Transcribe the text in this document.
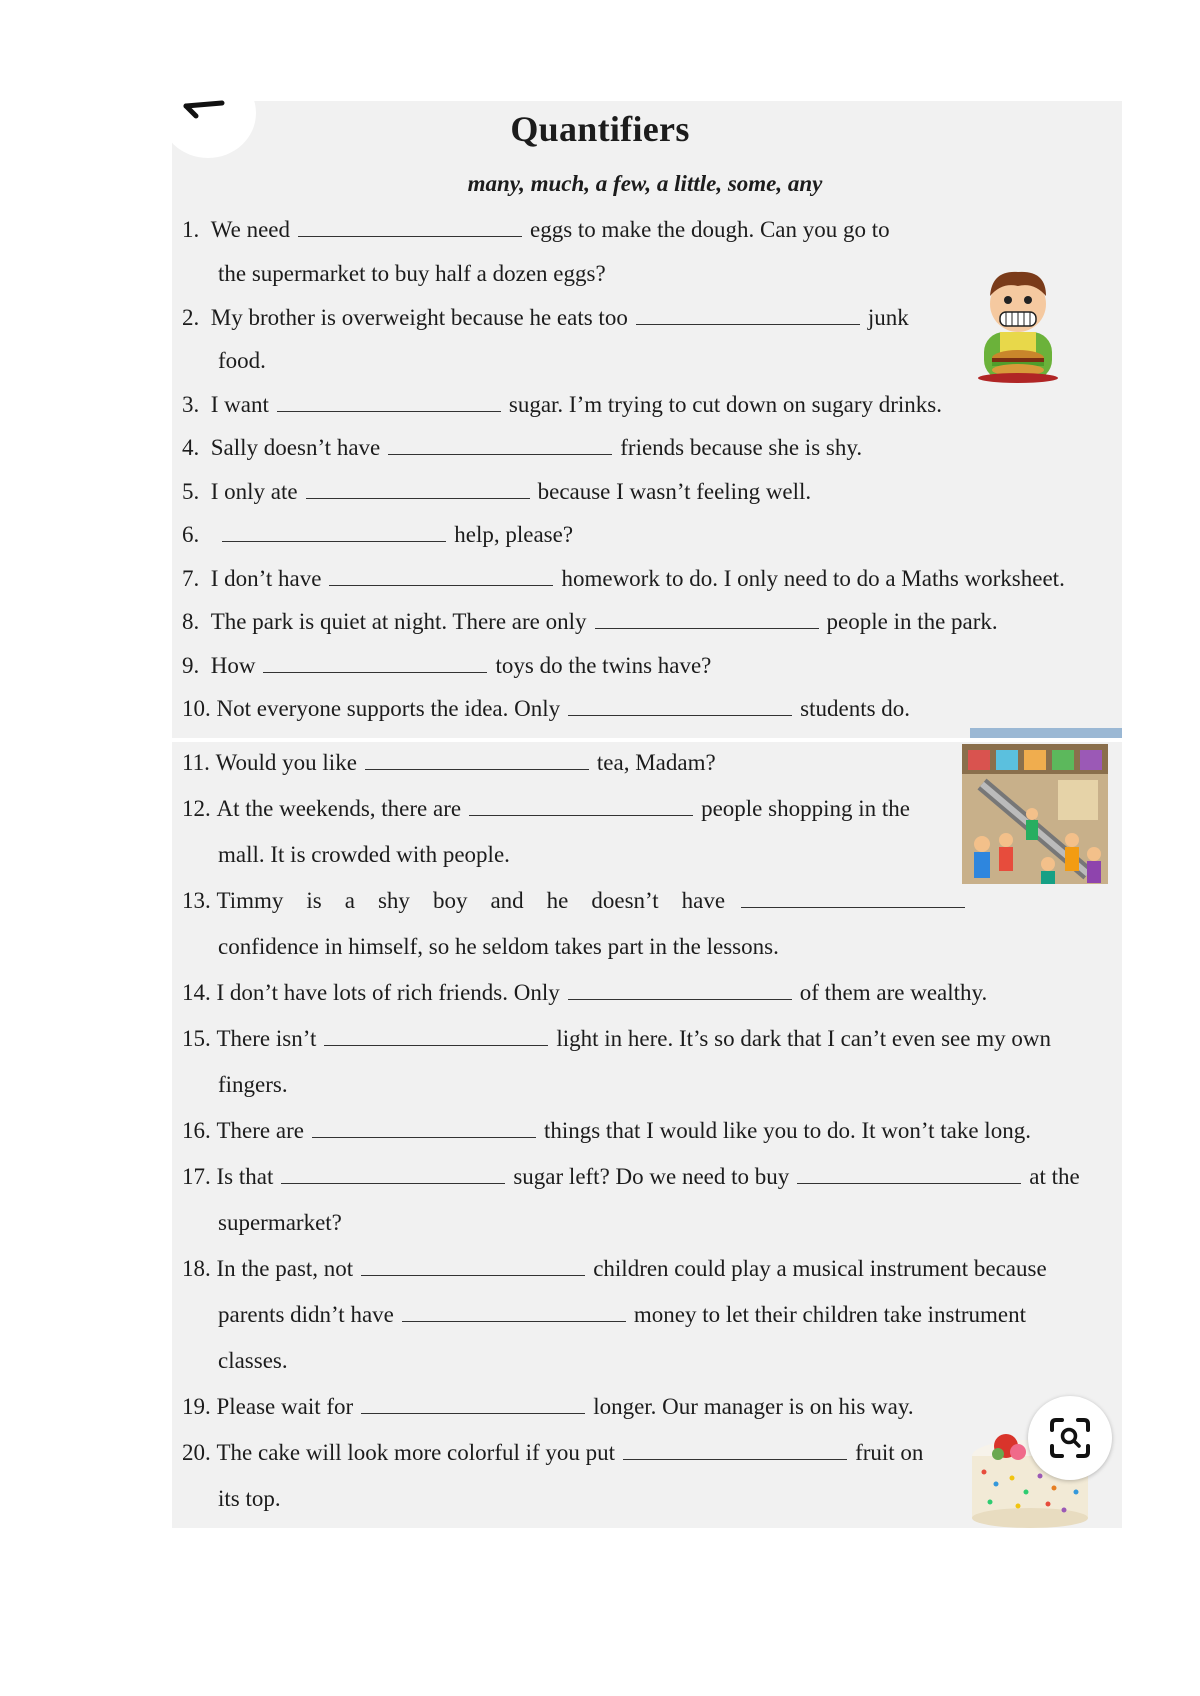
Quantifiers
many, much, a few, a little, some, any
1. We need	eggs to make the dough. Can you go to
the supermarket to buy half a dozen eggs?
2. My brother is overweight because he eats too	junk
food.
3. I want	sugar. I’m trying to cut down on sugary drinks.
4. Sally doesn’t have	friends because she is shy.
5. I only ate	because I wasn’t feeling well.
6.	help, please?
7. I don’t have	homework to do. I only need to do a Maths worksheet.
8. The park is quiet at night. There are only	people in the park.
9. How	toys do the twins have?
10. Not everyone supports the idea. Only	students do.
11. Would you like	tea, Madam?
12. At the weekends, there are	people shopping in the
mall. It is crowded with people.
13. Timmy is a shy boy and he doesn’t have
confidence in himself, so he seldom takes part in the lessons.
14. I don’t have lots of rich friends. Only	of them are wealthy.
15. There isn’t	light in here. It’s so dark that I can’t even see my own
fingers.
16. There are	things that I would like you to do. It won’t take long.
17. Is that	sugar left? Do we need to buy	at the
supermarket?
18. In the past, not	children could play a musical instrument because
parents didn’t have	money to let their children take instrument
classes.
19. Please wait for	longer. Our manager is on his way.
20. The cake will look more colorful if you put	fruit on
its top.
